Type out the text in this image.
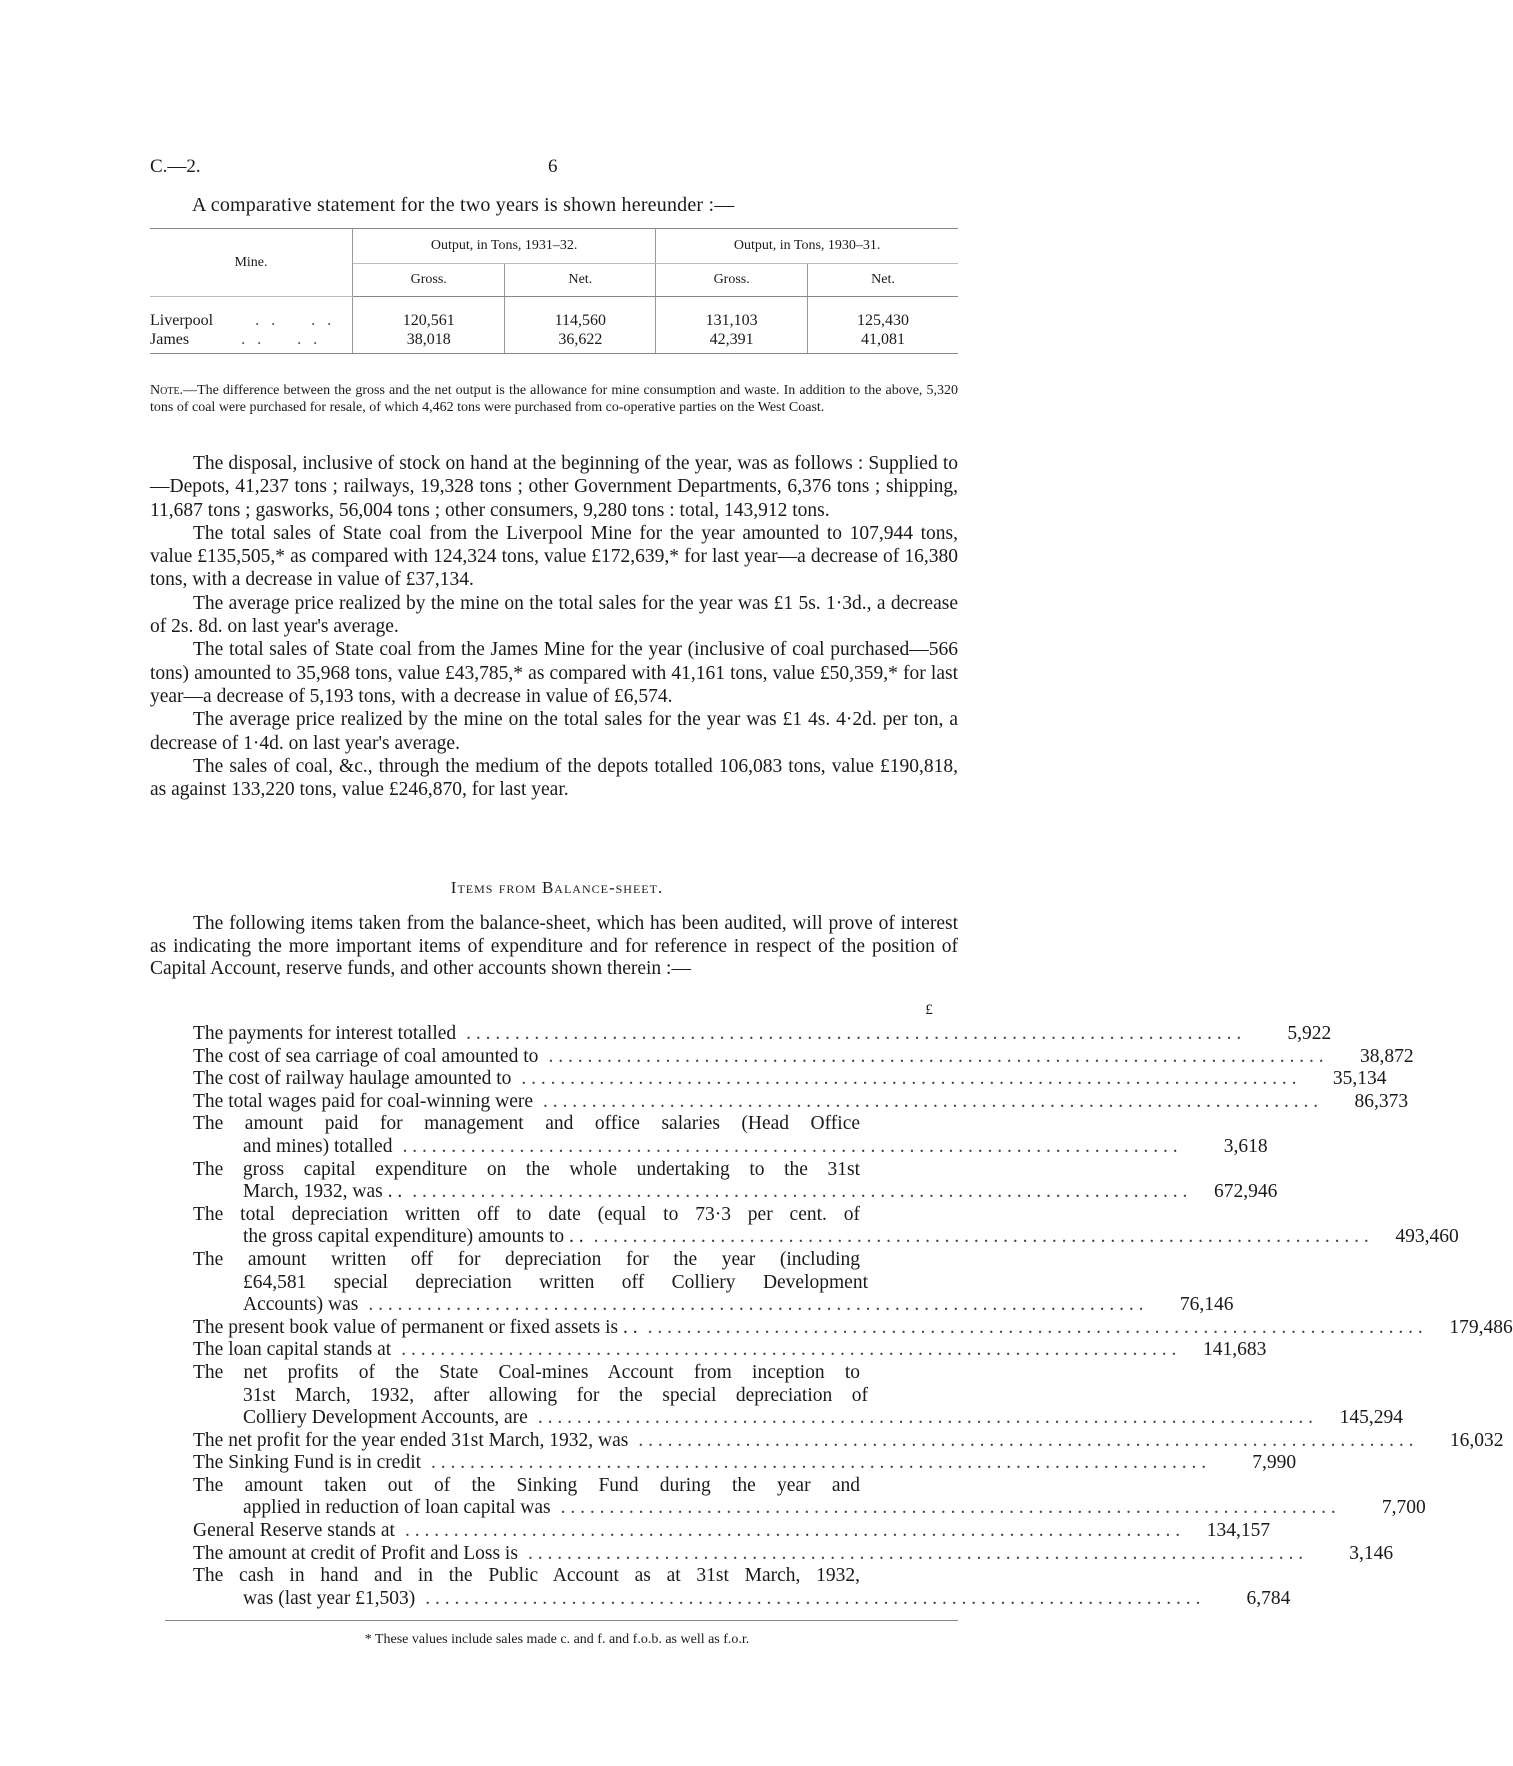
C.—2.	6
A comparative statement for the two years is shown hereunder :—
Mine.	Output, in Tons, 1931–32.		Output, in Tons, 1930–31.	
	Gross.	Net.	Gross.	Net.

Liverpool . .    . .	120,561	114,560	131,103	125,430
James . .    . .	38,018	36,622	42,391	41,081
Note.—The difference between the gross and the net output is the allowance for mine consumption and waste. In addition to the above, 5,320 tons of coal were purchased for resale, of which 4,462 tons were purchased from co-operative parties on the West Coast.

The disposal, inclusive of stock on hand at the beginning of the year, was as follows : Supplied to—Depots, 41,237 tons ; railways, 19,328 tons ; other Government Departments, 6,376 tons ; shipping, 11,687 tons ; gasworks, 56,004 tons ; other consumers, 9,280 tons : total, 143,912 tons.

The total sales of State coal from the Liverpool Mine for the year amounted to 107,944 tons, value £135,505,* as compared with 124,324 tons, value £172,639,* for last year—a decrease of 16,380 tons, with a decrease in value of £37,134.

The average price realized by the mine on the total sales for the year was £1 5s. 1·3d., a decrease of 2s. 8d. on last year's average.

The total sales of State coal from the James Mine for the year (inclusive of coal purchased—566 tons) amounted to 35,968 tons, value £43,785,* as compared with 41,161 tons, value £50,359,* for last year—a decrease of 5,193 tons, with a decrease in value of £6,574.

The average price realized by the mine on the total sales for the year was £1 4s. 4·2d. per ton, a decrease of 1·4d. on last year's average.

The sales of coal, &c., through the medium of the depots totalled 106,083 tons, value £190,818, as against 133,220 tons, value £246,870, for last year.

Items from Balance-sheet.

The following items taken from the balance-sheet, which has been audited, will prove of interest as indicating the more important items of expenditure and for reference in respect of the position of Capital Account, reserve funds, and other accounts shown therein :—

£
The payments for interest totalled . . . . . . . . . . . . . . . . . . . . . . . . . . . . . . . . . . . . . . . . . . . . . . . . . . . . . . . . . . . . . . . . . . . . . . . . . . . . . . . .	5,922
The cost of sea carriage of coal amounted to . . . . . . . . . . . . . . . . . . . . . . . . . . . . . . . . . . . . . . . . . . . . . . . . . . . . . . . . . . . . . . . . . . . . . . . . . . . . . . . .	38,872
The cost of railway haulage amounted to . . . . . . . . . . . . . . . . . . . . . . . . . . . . . . . . . . . . . . . . . . . . . . . . . . . . . . . . . . . . . . . . . . . . . . . . . . . . . . . .	35,134
The total wages paid for coal-winning were . . . . . . . . . . . . . . . . . . . . . . . . . . . . . . . . . . . . . . . . . . . . . . . . . . . . . . . . . . . . . . . . . . . . . . . . . . . . . . . .	86,373
The amount paid for management and office salaries (Head Office
and mines) totalled . . . . . . . . . . . . . . . . . . . . . . . . . . . . . . . . . . . . . . . . . . . . . . . . . . . . . . . . . . . . . . . . . . . . . . . . . . . . . . . .	3,618
The gross capital expenditure on the whole undertaking to the 31st
March, 1932, was . . . . . . . . . . . . . . . . . . . . . . . . . . . . . . . . . . . . . . . . . . . . . . . . . . . . . . . . . . . . . . . . . . . . . . . . . . . . . . . . . .	672,946
The total depreciation written off to date (equal to 73·3 per cent. of
the gross capital expenditure) amounts to . . . . . . . . . . . . . . . . . . . . . . . . . . . . . . . . . . . . . . . . . . . . . . . . . . . . . . . . . . . . . . . . . . . . . . . . . . . . . . . . . .	493,460
The amount written off for depreciation for the year (including
£64,581 special depreciation written off Colliery Development
Accounts) was . . . . . . . . . . . . . . . . . . . . . . . . . . . . . . . . . . . . . . . . . . . . . . . . . . . . . . . . . . . . . . . . . . . . . . . . . . . . . . . .	76,146
The present book value of permanent or fixed assets is . . . . . . . . . . . . . . . . . . . . . . . . . . . . . . . . . . . . . . . . . . . . . . . . . . . . . . . . . . . . . . . . . . . . . . . . . . . . . . . . . .	179,486
The loan capital stands at . . . . . . . . . . . . . . . . . . . . . . . . . . . . . . . . . . . . . . . . . . . . . . . . . . . . . . . . . . . . . . . . . . . . . . . . . . . . . . . .	141,683
The net profits of the State Coal-mines Account from inception to
31st March, 1932, after allowing for the special depreciation of
Colliery Development Accounts, are . . . . . . . . . . . . . . . . . . . . . . . . . . . . . . . . . . . . . . . . . . . . . . . . . . . . . . . . . . . . . . . . . . . . . . . . . . . . . . . .	145,294
The net profit for the year ended 31st March, 1932, was . . . . . . . . . . . . . . . . . . . . . . . . . . . . . . . . . . . . . . . . . . . . . . . . . . . . . . . . . . . . . . . . . . . . . . . . . . . . . . . .	16,032
The Sinking Fund is in credit . . . . . . . . . . . . . . . . . . . . . . . . . . . . . . . . . . . . . . . . . . . . . . . . . . . . . . . . . . . . . . . . . . . . . . . . . . . . . . . .	7,990
The amount taken out of the Sinking Fund during the year and
applied in reduction of loan capital was . . . . . . . . . . . . . . . . . . . . . . . . . . . . . . . . . . . . . . . . . . . . . . . . . . . . . . . . . . . . . . . . . . . . . . . . . . . . . . . .	7,700
General Reserve stands at . . . . . . . . . . . . . . . . . . . . . . . . . . . . . . . . . . . . . . . . . . . . . . . . . . . . . . . . . . . . . . . . . . . . . . . . . . . . . . . .	134,157
The amount at credit of Profit and Loss is . . . . . . . . . . . . . . . . . . . . . . . . . . . . . . . . . . . . . . . . . . . . . . . . . . . . . . . . . . . . . . . . . . . . . . . . . . . . . . . .	3,146
The cash in hand and in the Public Account as at 31st March, 1932,
was (last year £1,503) . . . . . . . . . . . . . . . . . . . . . . . . . . . . . . . . . . . . . . . . . . . . . . . . . . . . . . . . . . . . . . . . . . . . . . . . . . . . . . . .	6,784
* These values include sales made c. and f. and f.o.b. as well as f.o.r.
